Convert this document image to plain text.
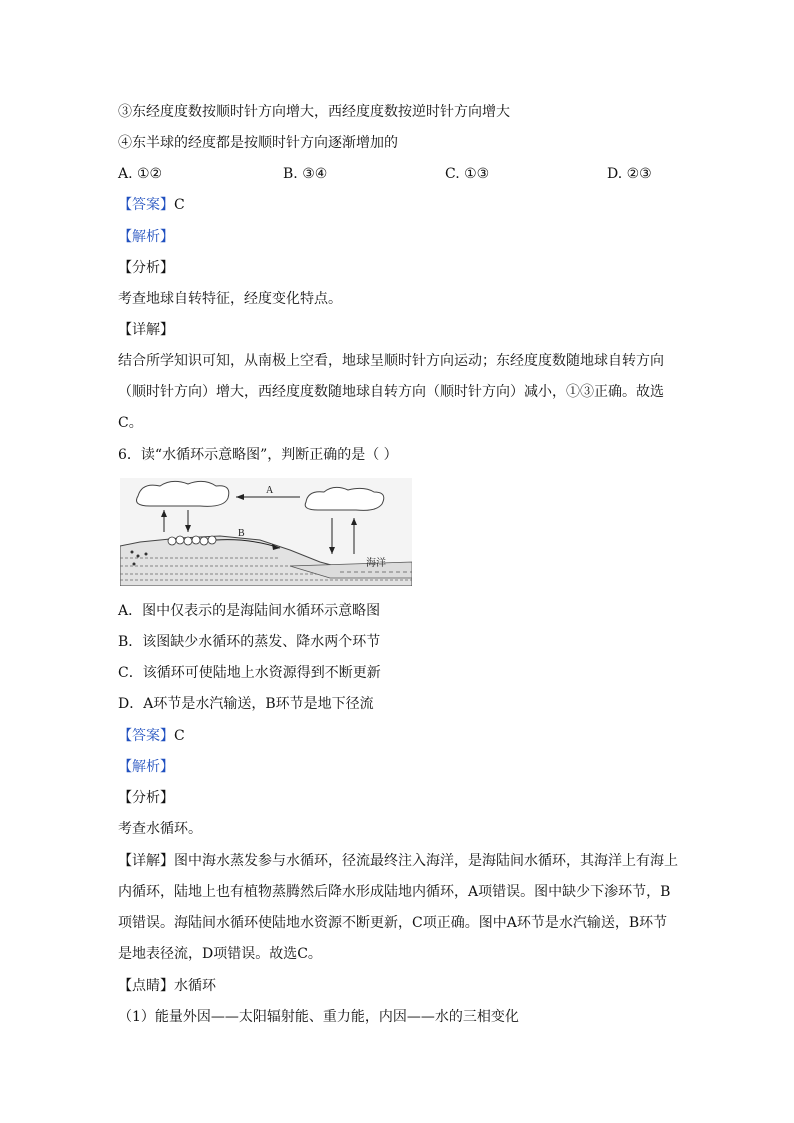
③东经度度数按顺时针方向增大，西经度度数按逆时针方向增大
④东半球的经度都是按顺时针方向逐渐增加的
A. ①②	B. ③④	C. ①③	D. ②③
【答案】C
【解析】
【分析】
考查地球自转特征，经度变化特点。
【详解】
结合所学知识可知，从南极上空看，地球呈顺时针方向运动；东经度度数随地球自转方向
（顺时针方向）增大，西经度度数随地球自转方向（顺时针方向）减小，①③正确。故选
C。
6．读“水循环示意略图”，判断正确的是（ ）
A
B
海洋
A．图中仅表示的是海陆间水循环示意略图
B．该图缺少水循环的蒸发、降水两个环节
C．该循环可使陆地上水资源得到不断更新
D．A环节是水汽输送，B环节是地下径流
【答案】C
【解析】
【分析】
考查水循环。
【详解】图中海水蒸发参与水循环，径流最终注入海洋，是海陆间水循环，其海洋上有海上
内循环，陆地上也有植物蒸腾然后降水形成陆地内循环，A项错误。图中缺少下渗环节，B
项错误。海陆间水循环使陆地水资源不断更新，C项正确。图中A环节是水汽输送，B环节
是地表径流，D项错误。故选C。
【点睛】水循环
（1）能量外因——太阳辐射能、重力能，内因——水的三相变化
